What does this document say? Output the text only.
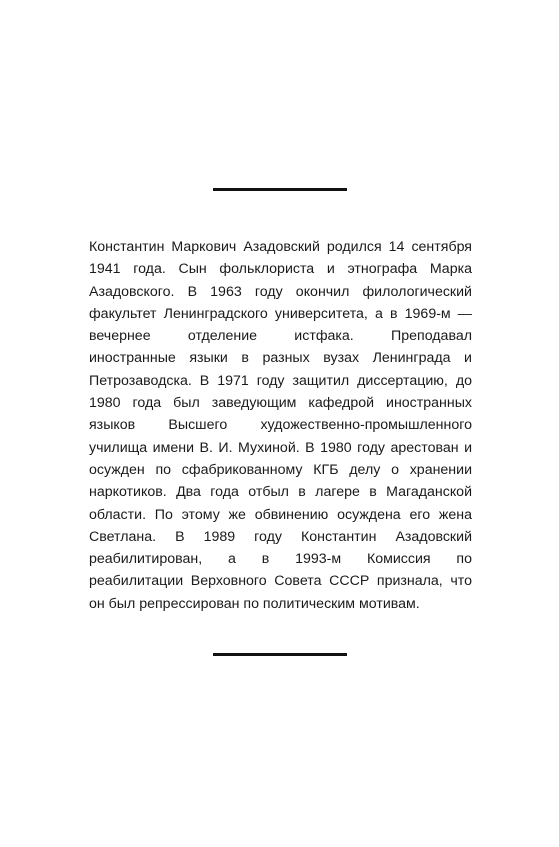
Константин Маркович Азадовский родился 14 сентября
1941 года. Сын фольклориста и этнографа Марка
Азадовского. В 1963 году окончил филологический
факультет Ленинградского университета, а в 1969-м —
вечернее отделение истфака. Преподавал
иностранные языки в разных вузах Ленинграда и
Петрозаводска. В 1971 году защитил диссертацию, до
1980 года был заведующим кафедрой иностранных
языков Высшего художественно-промышленного
училища имени В. И. Мухиной. В 1980 году арестован и
осужден по сфабрикованному КГБ делу о хранении
наркотиков. Два года отбыл в лагере в Магаданской
области. По этому же обвинению осуждена его жена
Светлана. В 1989 году Константин Азадовский
реабилитирован, а в 1993-м Комиссия по
реабилитации Верховного Совета СССР признала, что
он был репрессирован по политическим мотивам.
